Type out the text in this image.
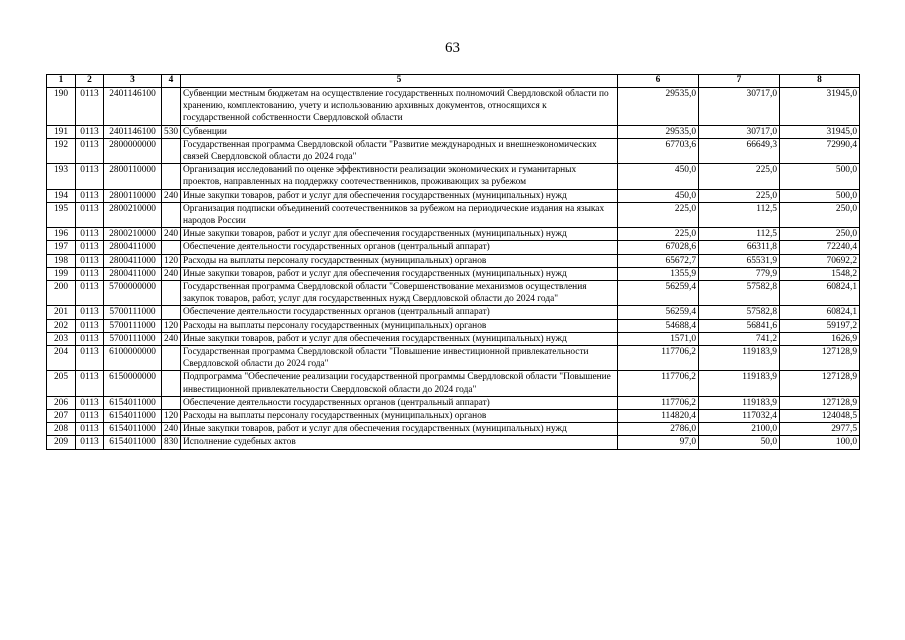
63
1	2	3	4	5	6	7	8
190	0113	2401146100		Субвенции местным бюджетам на осуществление государственных полномочий Свердловской области по хранению, комплектованию, учету и использованию архивных документов, относящихся к государственной собственности Свердловской области	29535,0	30717,0	31945,0
191	0113	2401146100	530	Субвенции	29535,0	30717,0	31945,0
192	0113	2800000000		Государственная программа Свердловской области "Развитие международных и внешнеэкономических связей Свердловской области до 2024 года"	67703,6	66649,3	72990,4
193	0113	2800110000		Организация исследований по оценке эффективности реализации экономических и гуманитарных проектов, направленных на поддержку соотечественников, проживающих за рубежом	450,0	225,0	500,0
194	0113	2800110000	240	Иные закупки товаров, работ и услуг для обеспечения государственных (муниципальных) нужд	450,0	225,0	500,0
195	0113	2800210000		Организация подписки объединений соотечественников за рубежом на периодические издания на языках народов России	225,0	112,5	250,0
196	0113	2800210000	240	Иные закупки товаров, работ и услуг для обеспечения государственных (муниципальных) нужд	225,0	112,5	250,0
197	0113	2800411000		Обеспечение деятельности государственных органов (центральный аппарат)	67028,6	66311,8	72240,4
198	0113	2800411000	120	Расходы на выплаты персоналу государственных (муниципальных) органов	65672,7	65531,9	70692,2
199	0113	2800411000	240	Иные закупки товаров, работ и услуг для обеспечения государственных (муниципальных) нужд	1355,9	779,9	1548,2
200	0113	5700000000		Государственная программа Свердловской области "Совершенствование механизмов осуществления закупок товаров, работ, услуг для государственных нужд Свердловской области до 2024 года"	56259,4	57582,8	60824,1
201	0113	5700111000		Обеспечение деятельности государственных органов (центральный аппарат)	56259,4	57582,8	60824,1
202	0113	5700111000	120	Расходы на выплаты персоналу государственных (муниципальных) органов	54688,4	56841,6	59197,2
203	0113	5700111000	240	Иные закупки товаров, работ и услуг для обеспечения государственных (муниципальных) нужд	1571,0	741,2	1626,9
204	0113	6100000000		Государственная программа Свердловской области "Повышение инвестиционной привлекательности Свердловской области до 2024 года"	117706,2	119183,9	127128,9
205	0113	6150000000		Подпрограмма "Обеспечение реализации государственной программы Свердловской области "Повышение инвестиционной привлекательности Свердловской области до 2024 года"	117706,2	119183,9	127128,9
206	0113	6154011000		Обеспечение деятельности государственных органов (центральный аппарат)	117706,2	119183,9	127128,9
207	0113	6154011000	120	Расходы на выплаты персоналу государственных (муниципальных) органов	114820,4	117032,4	124048,5
208	0113	6154011000	240	Иные закупки товаров, работ и услуг для обеспечения государственных (муниципальных) нужд	2786,0	2100,0	2977,5
209	0113	6154011000	830	Исполнение судебных актов	97,0	50,0	100,0
